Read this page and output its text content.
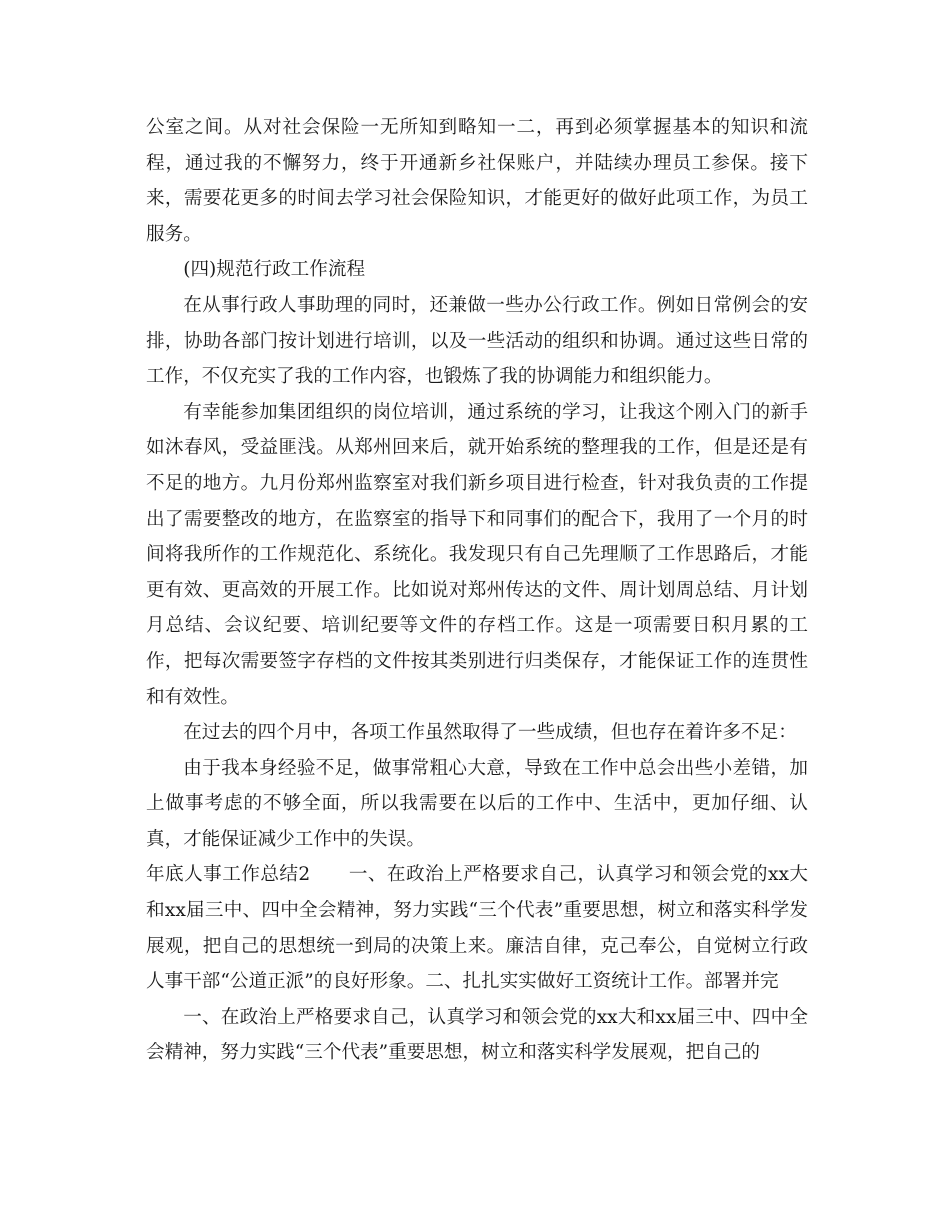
公室之间。从对社会保险一无所知到略知一二，再到必须掌握基本的知识和流程，通过我的不懈努力，终于开通新乡社保账户，并陆续办理员工参保。接下来，需要花更多的时间去学习社会保险知识，才能更好的做好此项工作，为员工服务。

(四)规范行政工作流程

在从事行政人事助理的同时，还兼做一些办公行政工作。例如日常例会的安排，协助各部门按计划进行培训，以及一些活动的组织和协调。通过这些日常的工作，不仅充实了我的工作内容，也锻炼了我的协调能力和组织能力。

有幸能参加集团组织的岗位培训，通过系统的学习，让我这个刚入门的新手如沐春风，受益匪浅。从郑州回来后，就开始系统的整理我的工作，但是还是有不足的地方。九月份郑州监察室对我们新乡项目进行检查，针对我负责的工作提出了需要整改的地方，在监察室的指导下和同事们的配合下，我用了一个月的时间将我所作的工作规范化、系统化。我发现只有自己先理顺了工作思路后，才能更有效、更高效的开展工作。比如说对郑州传达的文件、周计划周总结、月计划月总结、会议纪要、培训纪要等文件的存档工作。这是一项需要日积月累的工作，把每次需要签字存档的文件按其类别进行归类保存，才能保证工作的连贯性和有效性。

在过去的四个月中，各项工作虽然取得了一些成绩，但也存在着许多不足：

由于我本身经验不足，做事常粗心大意，导致在工作中总会出些小差错，加上做事考虑的不够全面，所以我需要在以后的工作中、生活中，更加仔细、认真，才能保证减少工作中的失误。

年底人事工作总结2　　一、在政治上严格要求自己，认真学习和领会党的xx大和xx届三中、四中全会精神，努力实践“三个代表”重要思想，树立和落实科学发展观，把自己的思想统一到局的决策上来。廉洁自律，克己奉公，自觉树立行政人事干部“公道正派”的良好形象。二、扎扎实实做好工资统计工作。部署并完

一、在政治上严格要求自己，认真学习和领会党的xx大和xx届三中、四中全会精神，努力实践“三个代表”重要思想，树立和落实科学发展观，把自己的
